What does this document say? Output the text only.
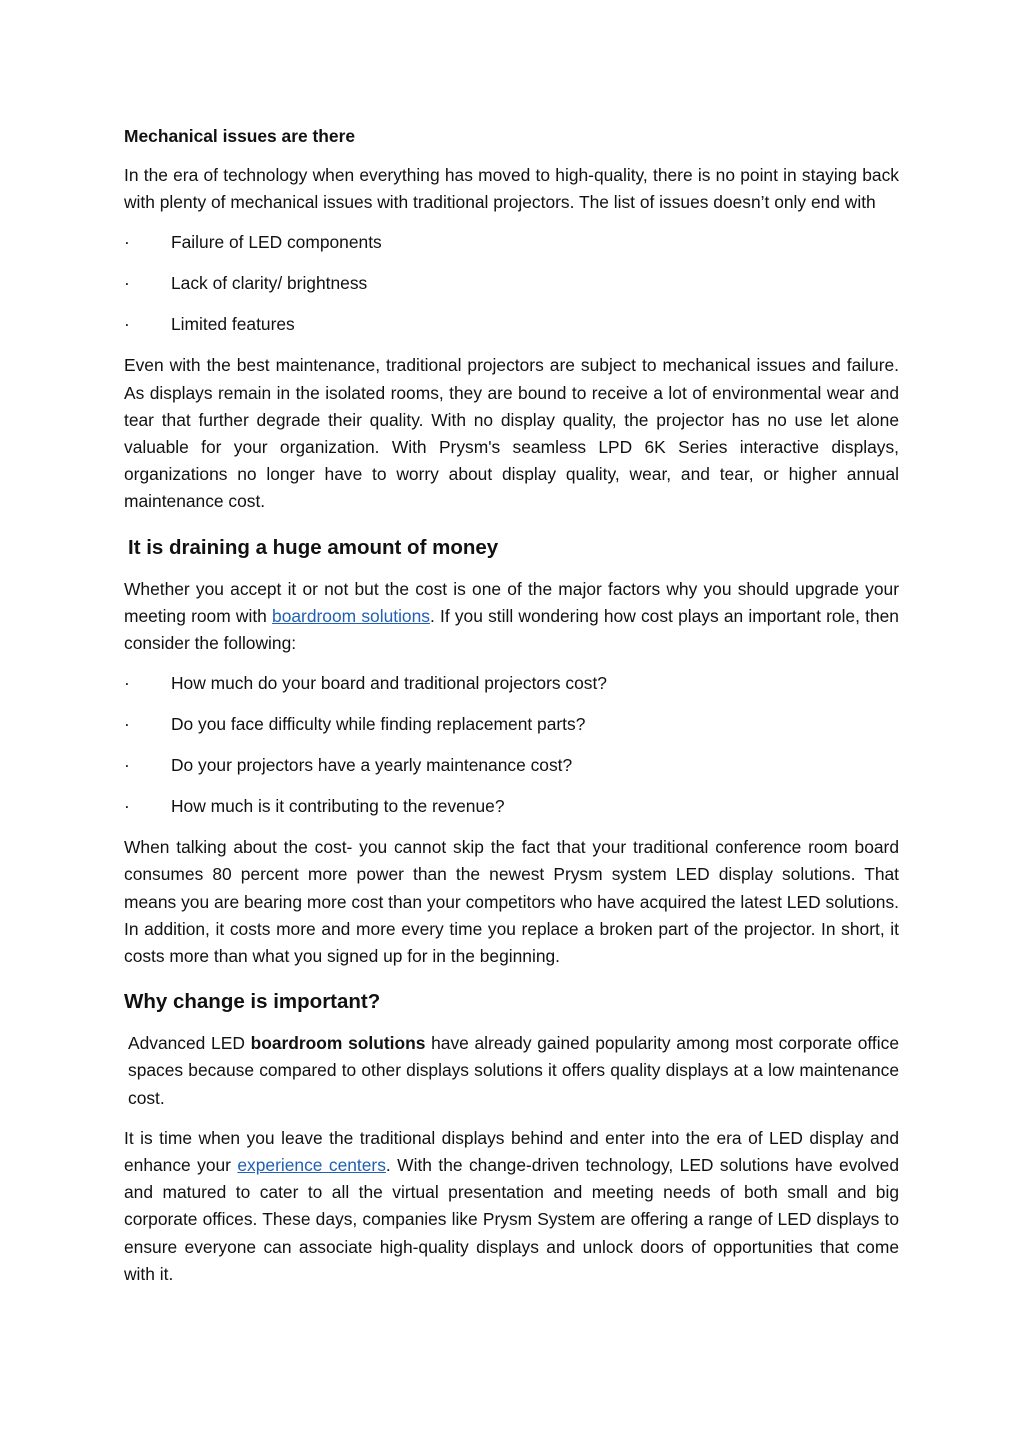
Mechanical issues are there

In the era of technology when everything has moved to high-quality, there is no point in staying back with plenty of mechanical issues with traditional projectors. The list of issues doesn’t only end with

·	Failure of LED components
·	Lack of clarity/ brightness
·	Limited features

Even with the best maintenance, traditional projectors are subject to mechanical issues and failure. As displays remain in the isolated rooms, they are bound to receive a lot of environmental wear and tear that further degrade their quality. With no display quality, the projector has no use let alone valuable for your organization. With Prysm's seamless LPD 6K Series interactive displays, organizations no longer have to worry about display quality, wear, and tear, or higher annual maintenance cost.

It is draining a huge amount of money

Whether you accept it or not but the cost is one of the major factors why you should upgrade your meeting room with boardroom solutions. If you still wondering how cost plays an important role, then consider the following:

·	How much do your board and traditional projectors cost?
·	Do you face difficulty while finding replacement parts?
·	Do your projectors have a yearly maintenance cost?
·	How much is it contributing to the revenue?

When talking about the cost- you cannot skip the fact that your traditional conference room board consumes 80 percent more power than the newest Prysm system LED display solutions. That means you are bearing more cost than your competitors who have acquired the latest LED solutions. In addition, it costs more and more every time you replace a broken part of the projector. In short, it costs more than what you signed up for in the beginning.

Why change is important?

Advanced LED boardroom solutions have already gained popularity among most corporate office spaces because compared to other displays solutions it offers quality displays at a low maintenance cost.

It is time when you leave the traditional displays behind and enter into the era of LED display and enhance your experience centers. With the change-driven technology, LED solutions have evolved and matured to cater to all the virtual presentation and meeting needs of both small and big corporate offices. These days, companies like Prysm System are offering a range of LED displays to ensure everyone can associate high-quality displays and unlock doors of opportunities that come with it.
